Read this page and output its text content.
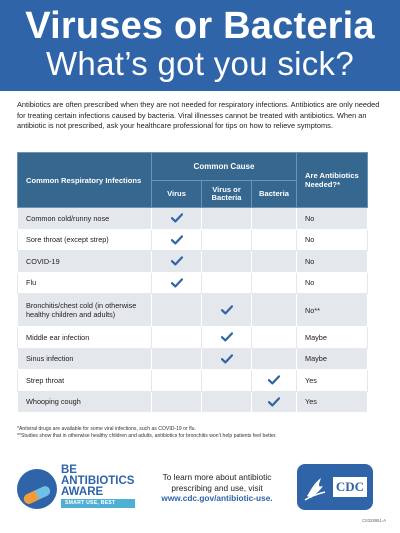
Viruses or Bacteria
What’s got you sick?

Antibiotics are often prescribed when they are not needed for respiratory infections. Antibiotics are only needed for treating certain infections caused by bacteria. Viral illnesses cannot be treated with antibiotics. When an antibiotic is not prescribed, ask your healthcare professional for tips on how to relieve symptoms.

Common Respiratory Infections	Common Cause			Are Antibiotics Needed?*
	Virus	Virus or Bacteria	Bacteria	
Common cold/runny nose				No
Sore throat (except strep)				No
COVID-19				No
Flu				No
Bronchitis/chest cold (in otherwise healthy children and adults)				No**
Middle ear infection				Maybe
Sinus infection				Maybe
Strep throat				Yes
Whooping cough				Yes
*Antiviral drugs are available for some viral infections, such as COVID-19 or flu.
**Studies show that in otherwise healthy children and adults, antibiotics for bronchitis won’t help patients feel better.
BE
ANTIBIOTICS
AWARE
SMART USE, BEST CARE
To learn more about antibiotic prescribing and use, visit
www.cdc.gov/antibiotic-use.
CDC
CS328951-A
